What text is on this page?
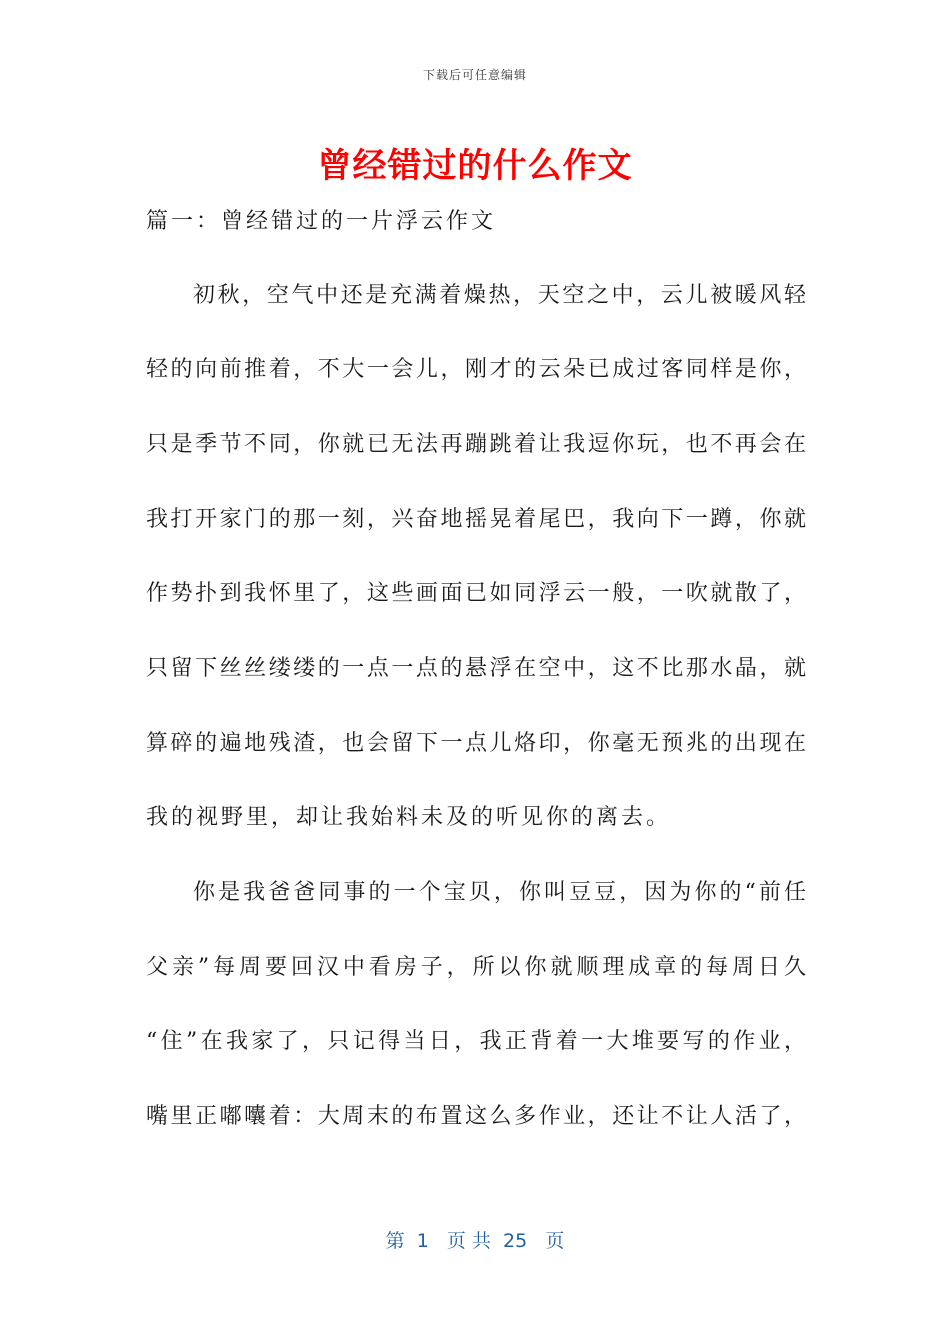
下载后可任意编辑
曾经错过的什么作文
篇一：曾经错过的一片浮云作文
初秋，空气中还是充满着燥热，天空之中，云儿被暖风轻
轻的向前推着，不大一会儿，刚才的云朵已成过客同样是你，
只是季节不同，你就已无法再蹦跳着让我逗你玩，也不再会在
我打开家门的那一刻，兴奋地摇晃着尾巴，我向下一蹲，你就
作势扑到我怀里了，这些画面已如同浮云一般，一吹就散了，
只留下丝丝缕缕的一点一点的悬浮在空中，这不比那水晶，就
算碎的遍地残渣，也会留下一点儿烙印，你毫无预兆的出现在
我的视野里，却让我始料未及的听见你的离去。
你是我爸爸同事的一个宝贝，你叫豆豆，因为你的“前任
父亲”每周要回汉中看房子，所以你就顺理成章的每周日久
“住”在我家了，只记得当日，我正背着一大堆要写的作业，
嘴里正嘟囔着：大周末的布置这么多作业，还让不让人活了，
第  1   页 共  25   页
